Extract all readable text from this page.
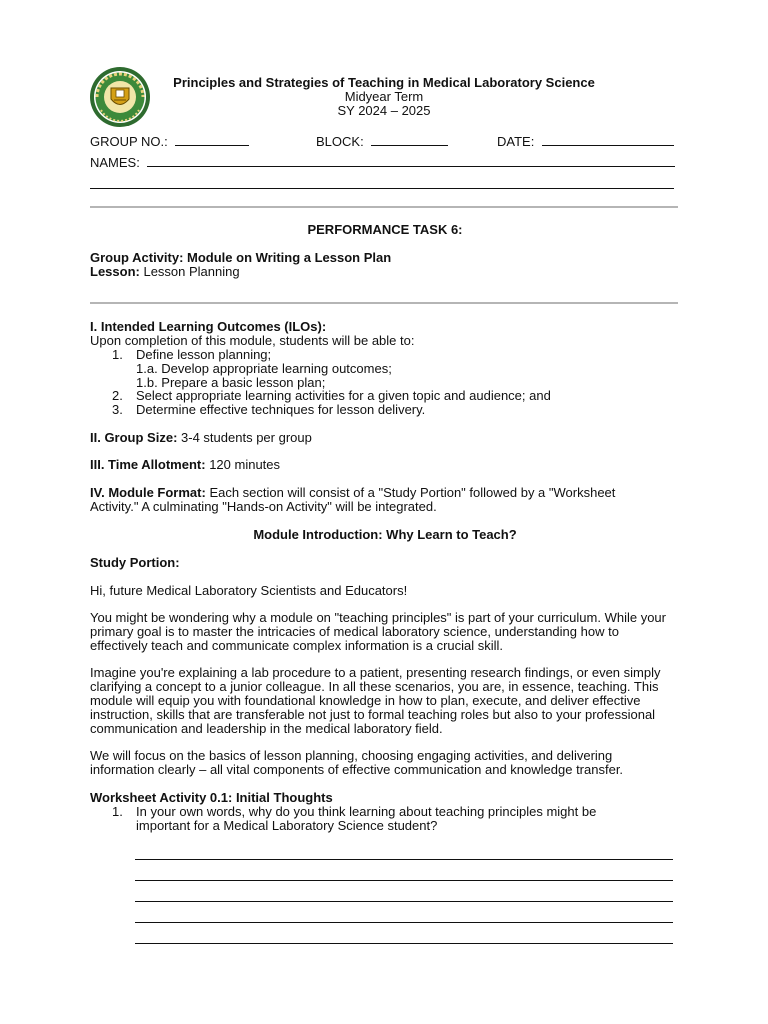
Principles and Strategies of Teaching in Medical Laboratory Science
Midyear Term
SY 2024 – 2025
GROUP NO.:	BLOCK:	DATE:
NAMES:
PERFORMANCE TASK 6:
Group Activity: Module on Writing a Lesson Plan
Lesson: Lesson Planning
I. Intended Learning Outcomes (ILOs):
Upon completion of this module, students will be able to:
1. Define lesson planning;
1.a. Develop appropriate learning outcomes;
1.b. Prepare a basic lesson plan;
2. Select appropriate learning activities for a given topic and audience; and
3. Determine effective techniques for lesson delivery.
II. Group Size: 3-4 students per group
III. Time Allotment: 120 minutes
IV. Module Format: Each section will consist of a "Study Portion" followed by a "Worksheet Activity." A culminating "Hands-on Activity" will be integrated.
Module Introduction: Why Learn to Teach?
Study Portion:
Hi, future Medical Laboratory Scientists and Educators!
You might be wondering why a module on "teaching principles" is part of your curriculum. While your primary goal is to master the intricacies of medical laboratory science, understanding how to effectively teach and communicate complex information is a crucial skill.
Imagine you're explaining a lab procedure to a patient, presenting research findings, or even simply clarifying a concept to a junior colleague. In all these scenarios, you are, in essence, teaching. This module will equip you with foundational knowledge in how to plan, execute, and deliver effective instruction, skills that are transferable not just to formal teaching roles but also to your professional communication and leadership in the medical laboratory field.
We will focus on the basics of lesson planning, choosing engaging activities, and delivering information clearly – all vital components of effective communication and knowledge transfer.
Worksheet Activity 0.1: Initial Thoughts
1. In your own words, why do you think learning about teaching principles might be important for a Medical Laboratory Science student?
